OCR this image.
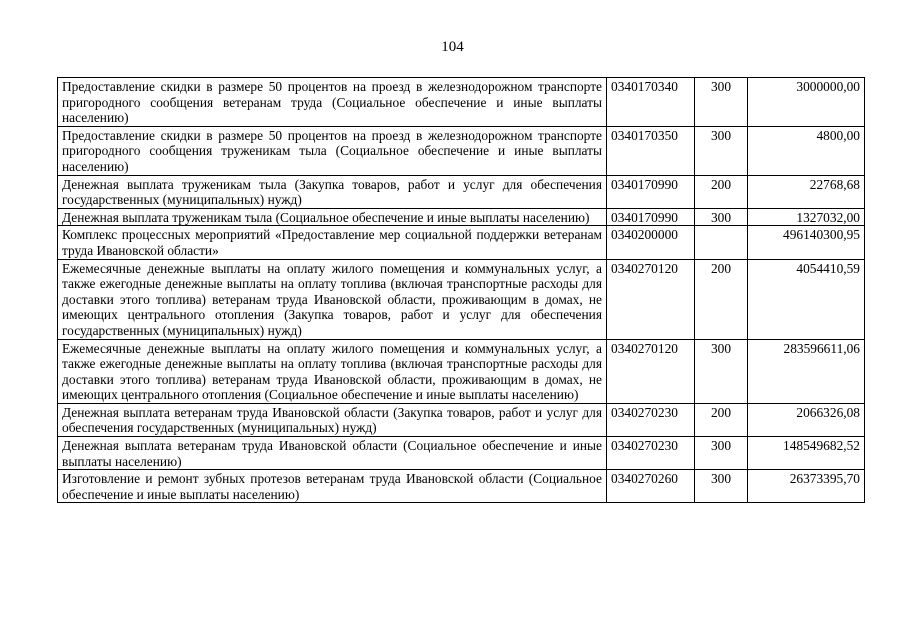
104
Предоставление скидки в размере 50 процентов на проезд в железнодорожном транспорте пригородного сообщения ветеранам труда (Социальное обеспечение и иные выплаты населению)	0340170340	300	3000000,00
Предоставление скидки в размере 50 процентов на проезд в железнодорожном транспорте пригородного сообщения труженикам тыла (Социальное обеспечение и иные выплаты населению)	0340170350	300	4800,00
Денежная выплата труженикам тыла (Закупка товаров, работ и услуг для обеспечения государственных (муниципальных) нужд)	0340170990	200	22768,68
Денежная выплата труженикам тыла (Социальное обеспечение и иные выплаты населению)	0340170990	300	1327032,00
Комплекс процессных мероприятий «Предоставление мер социальной поддержки ветеранам труда Ивановской области»	0340200000		496140300,95
Ежемесячные денежные выплаты на оплату жилого помещения и коммунальных услуг, а также ежегодные денежные выплаты на оплату топлива (включая транспортные расходы для доставки этого топлива) ветеранам труда Ивановской области, проживающим в домах, не имеющих центрального отопления (Закупка товаров, работ и услуг для обеспечения государственных (муниципальных) нужд)	0340270120	200	4054410,59
Ежемесячные денежные выплаты на оплату жилого помещения и коммунальных услуг, а также ежегодные денежные выплаты на оплату топлива (включая транспортные расходы для доставки этого топлива) ветеранам труда Ивановской области, проживающим в домах, не имеющих центрального отопления (Социальное обеспечение и иные выплаты населению)	0340270120	300	283596611,06
Денежная выплата ветеранам труда Ивановской области (Закупка товаров, работ и услуг для обеспечения государственных (муниципальных) нужд)	0340270230	200	2066326,08
Денежная выплата ветеранам труда Ивановской области (Социальное обеспечение и иные выплаты населению)	0340270230	300	148549682,52
Изготовление и ремонт зубных протезов ветеранам труда Ивановской области (Социальное обеспечение и иные выплаты населению)	0340270260	300	26373395,70
